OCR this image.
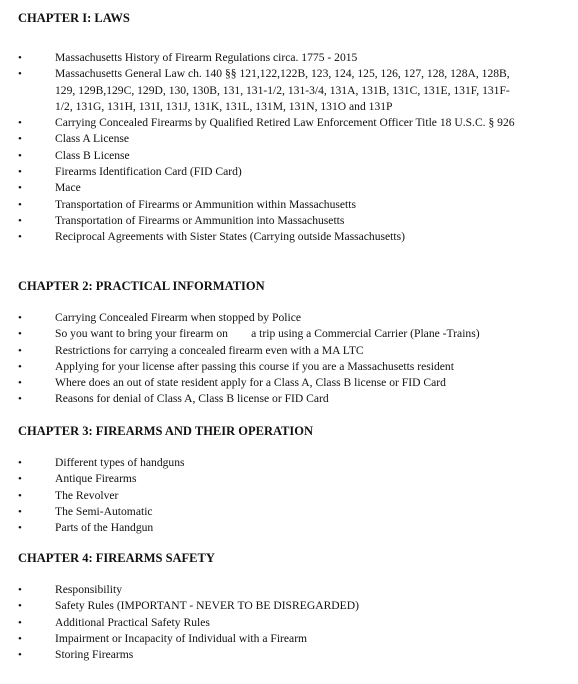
CHAPTER I: LAWS
•	Massachusetts History of Firearm Regulations circa. 1775 - 2015
•	Massachusetts General Law ch. 140 §§ 121,122,122B, 123, 124, 125, 126, 127, 128, 128A, 128B, 129, 129B,129C, 129D, 130, 130B, 131, 131-1/2, 131-3/4, 131A, 131B, 131C, 131E, 131F, 131F-1/2, 131G, 131H, 131I, 131J, 131K, 131L, 131M, 131N, 131O and 131P
•	Carrying Concealed Firearms by Qualified Retired Law Enforcement Officer Title 18 U.S.C. § 926
•	Class A License
•	Class B License
•	Firearms Identification Card (FID Card)
•	Mace
•	Transportation of Firearms or Ammunition within Massachusetts
•	Transportation of Firearms or Ammunition into Massachusetts
•	Reciprocal Agreements with Sister States (Carrying outside Massachusetts)
CHAPTER 2: PRACTICAL INFORMATION
•	Carrying Concealed Firearm when stopped by Police
•	So you want to bring your firearm on        a trip using a Commercial Carrier (Plane -Trains)
•	Restrictions for carrying a concealed firearm even with a MA LTC
•	Applying for your license after passing this course if you are a Massachusetts resident
•	Where does an out of state resident apply for a Class A, Class B license or FID Card
•	Reasons for denial of Class A, Class B license or FID Card
CHAPTER 3: FIREARMS AND THEIR OPERATION
•	Different types of handguns
•	Antique Firearms
•	The Revolver
•	The Semi-Automatic
•	Parts of the Handgun
CHAPTER 4: FIREARMS SAFETY
•	Responsibility
•	Safety Rules (IMPORTANT - NEVER TO BE DISREGARDED)
•	Additional Practical Safety Rules
•	Impairment or Incapacity of Individual with a Firearm
•	Storing Firearms
